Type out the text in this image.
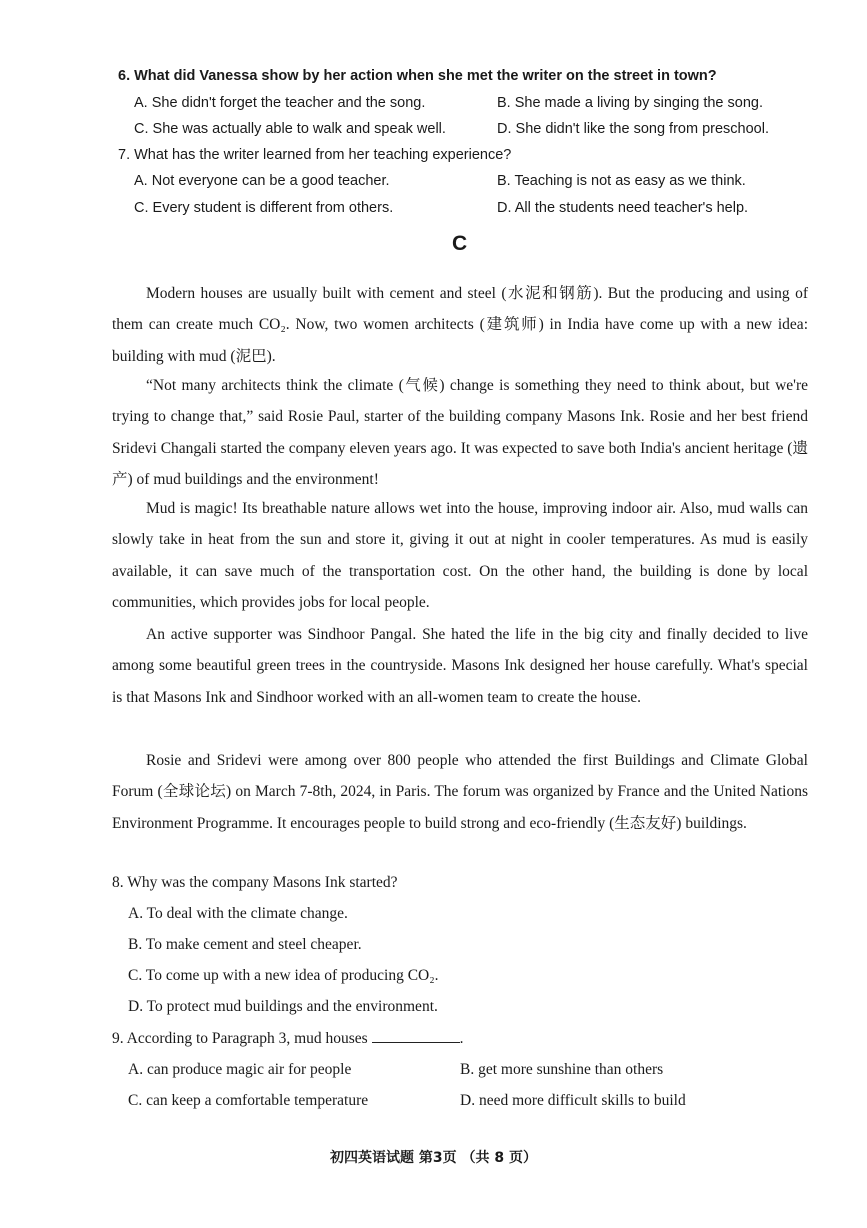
6. What did Vanessa show by her action when she met the writer on the street in town?
A. She didn't forget the teacher and the song.	B. She made a living by singing the song.
C. She was actually able to walk and speak well.	D. She didn't like the song from preschool.
7. What has the writer learned from her teaching experience?
A. Not everyone can be a good teacher.	B. Teaching is not as easy as we think.
C. Every student is different from others.	D. All the students need teacher's help.
C
Modern houses are usually built with cement and steel (水泥和钢筋). But the producing and using of them can create much CO₂. Now, two women architects (建筑师) in India have come up with a new idea: building with mud (泥巴).
“Not many architects think the climate (气候) change is something they need to think about, but we're trying to change that,” said Rosie Paul, starter of the building company Masons Ink. Rosie and her best friend Sridevi Changali started the company eleven years ago. It was expected to save both India's ancient heritage (遗产) of mud buildings and the environment!
Mud is magic! Its breathable nature allows wet into the house, improving indoor air. Also, mud walls can slowly take in heat from the sun and store it, giving it out at night in cooler temperatures. As mud is easily available, it can save much of the transportation cost. On the other hand, the building is done by local communities, which provides jobs for local people.
An active supporter was Sindhoor Pangal. She hated the life in the big city and finally decided to live among some beautiful green trees in the countryside. Masons Ink designed her house carefully. What's special is that Masons Ink and Sindhoor worked with an all-women team to create the house.
Rosie and Sridevi were among over 800 people who attended the first Buildings and Climate Global Forum (全球论坛) on March 7-8th, 2024, in Paris. The forum was organized by France and the United Nations Environment Programme. It encourages people to build strong and eco-friendly (生态友好) buildings.
8. Why was the company Masons Ink started?
A. To deal with the climate change.
B. To make cement and steel cheaper.
C. To come up with a new idea of producing CO₂.
D. To protect mud buildings and the environment.
9. According to Paragraph 3, mud houses	.
A. can produce magic air for people	B. get more sunshine than others
C. can keep a comfortable temperature	D. need more difficult skills to build
初四英语试题 第3页 （共 8 页）
